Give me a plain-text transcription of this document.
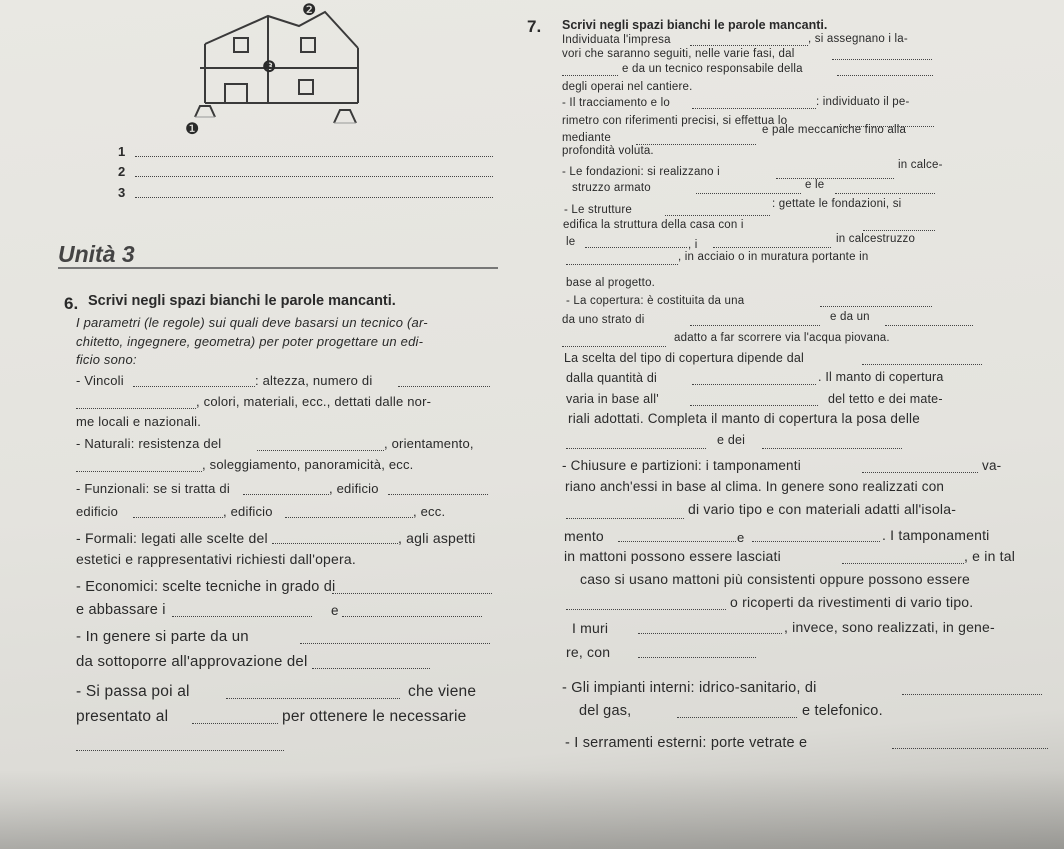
❷
❸
❶
1
2
3
Unità 3
7. Scrivi negli spazi bianchi le parole mancanti.
Individuata l'impresa	, si assegnano i la-
vori che saranno seguiti, nelle varie fasi, dal
e da un tecnico responsabile della
degli operai nel cantiere.
- Il tracciamento e lo	: individuato il pe-
rimetro con riferimenti precisi, si effettua lo
mediante
e pale meccaniche fino alla
profondità voluta.
- Le fondazioni: si realizzano i
in calce-
struzzo armato	e le
- Le strutture	: gettate le fondazioni, si
edifica la struttura della casa con i
le	, i	in calcestruzzo
, in acciaio o in muratura portante in
base al progetto.
- La copertura: è costituita da una
da uno strato di	e da un
adatto a far scorrere via l'acqua piovana.
La scelta del tipo di copertura dipende dal
dalla quantità di	. Il manto di copertura
varia in base all'	del tetto e dei mate-
riali adottati. Completa il manto di copertura la posa delle
e dei
- Chiusure e partizioni: i tamponamenti	va-
riano anch'essi in base al clima. In genere sono realizzati con
di vario tipo e con materiali adatti all'isola-
mento	e	. I tamponamenti
in mattoni possono essere lasciati	, e in tal
caso si usano mattoni più consistenti oppure possono essere
o ricoperti da rivestimenti di vario tipo.
I muri	, invece, sono realizzati, in gene-
re, con
- Gli impianti interni: idrico-sanitario, di
del gas,	e telefonico.
- I serramenti esterni: porte vetrate e
6. Scrivi negli spazi bianchi le parole mancanti.
I parametri (le regole) sui quali deve basarsi un tecnico (ar-
chitetto, ingegnere, geometra) per poter progettare un edi-
ficio sono:
- Vincoli	: altezza, numero di
, colori, materiali, ecc., dettati dalle nor-
me locali e nazionali.
- Naturali: resistenza del	, orientamento,
, soleggiamento, panoramicità, ecc.
- Funzionali: se si tratta di	, edificio
edificio	, edificio	, ecc.
- Formali: legati alle scelte del	, agli aspetti
estetici e rappresentativi richiesti dall'opera.
- Economici: scelte tecniche in grado di
e abbassare i	e
- In genere si parte da un
da sottoporre all'approvazione del
- Si passa poi al	che viene
presentato al	per ottenere le necessarie
